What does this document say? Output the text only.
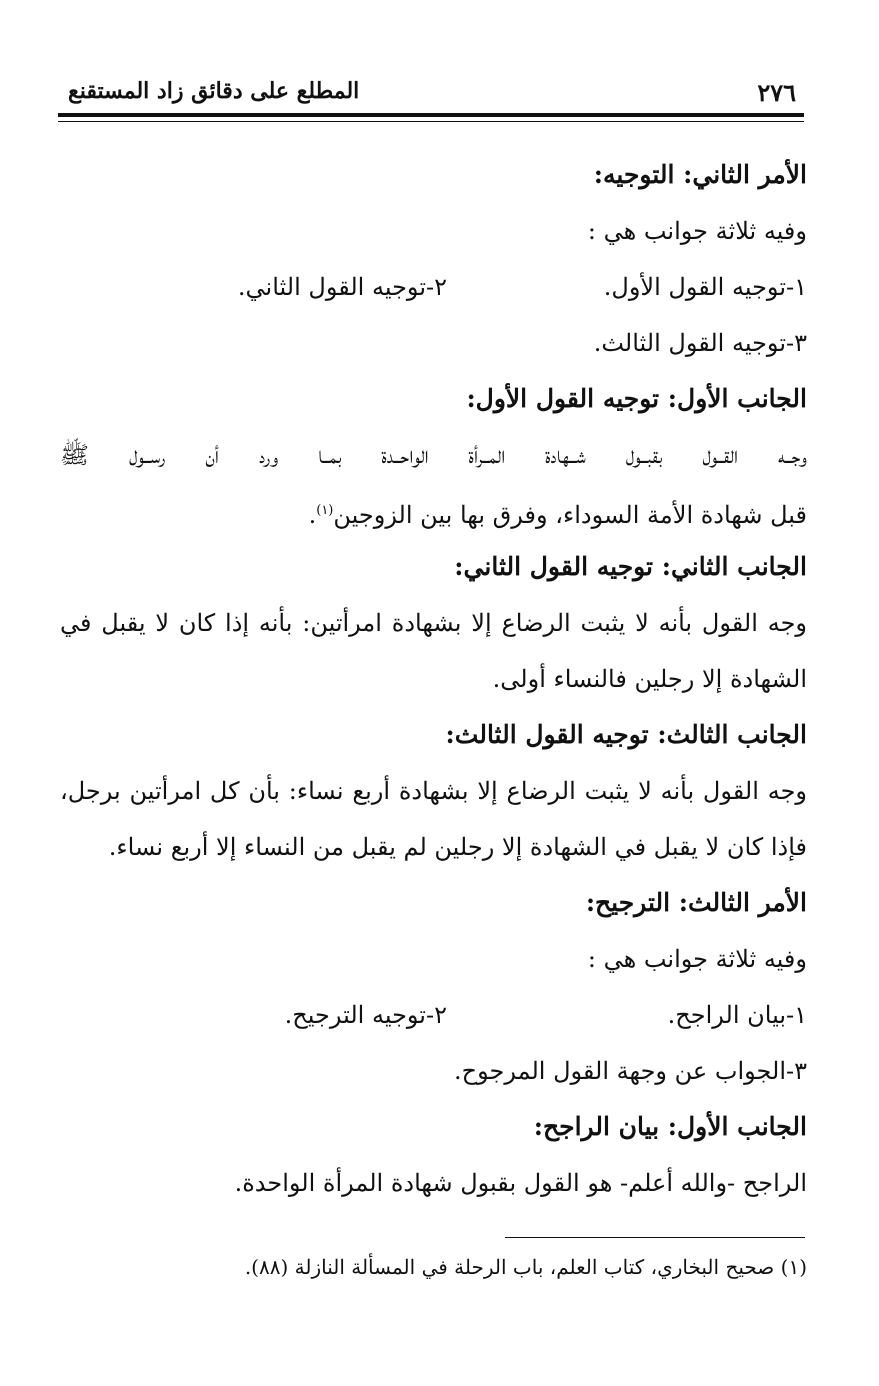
٢٧٦
المطلع على دقائق زاد المستقنع
الأمر الثاني: التوجيه:
وفيه ثلاثة جوانب هي :
١-توجيه القول الأول.
٢-توجيه القول الثاني.
٣-توجيه القول الثالث.
الجانب الأول: توجيه القول الأول:
وجــه القــول بقبــول شــهادة المــرأة الواحــدة بمــا ورد أن رســول ﷺ
قبل شهادة الأمة السوداء، وفرق بها بين الزوجين$^{(١)}$.
الجانب الثاني: توجيه القول الثاني:
وجه القول بأنه لا يثبت الرضاع إلا بشهادة امرأتين: بأنه إذا كان لا يقبل في
الشهادة إلا رجلين فالنساء أولى.
الجانب الثالث: توجيه القول الثالث:
وجه القول بأنه لا يثبت الرضاع إلا بشهادة أربع نساء: بأن كل امرأتين برجل،
فإذا كان لا يقبل في الشهادة إلا رجلين لم يقبل من النساء إلا أربع نساء.
الأمر الثالث: الترجيح:
وفيه ثلاثة جوانب هي :
١-بيان الراجح.
٢-توجيه الترجيح.
٣-الجواب عن وجهة القول المرجوح.
الجانب الأول: بيان الراجح:
الراجح -والله أعلم- هو القول بقبول شهادة المرأة الواحدة.
(١) صحيح البخاري، كتاب العلم، باب الرحلة في المسألة النازلة (٨٨).
